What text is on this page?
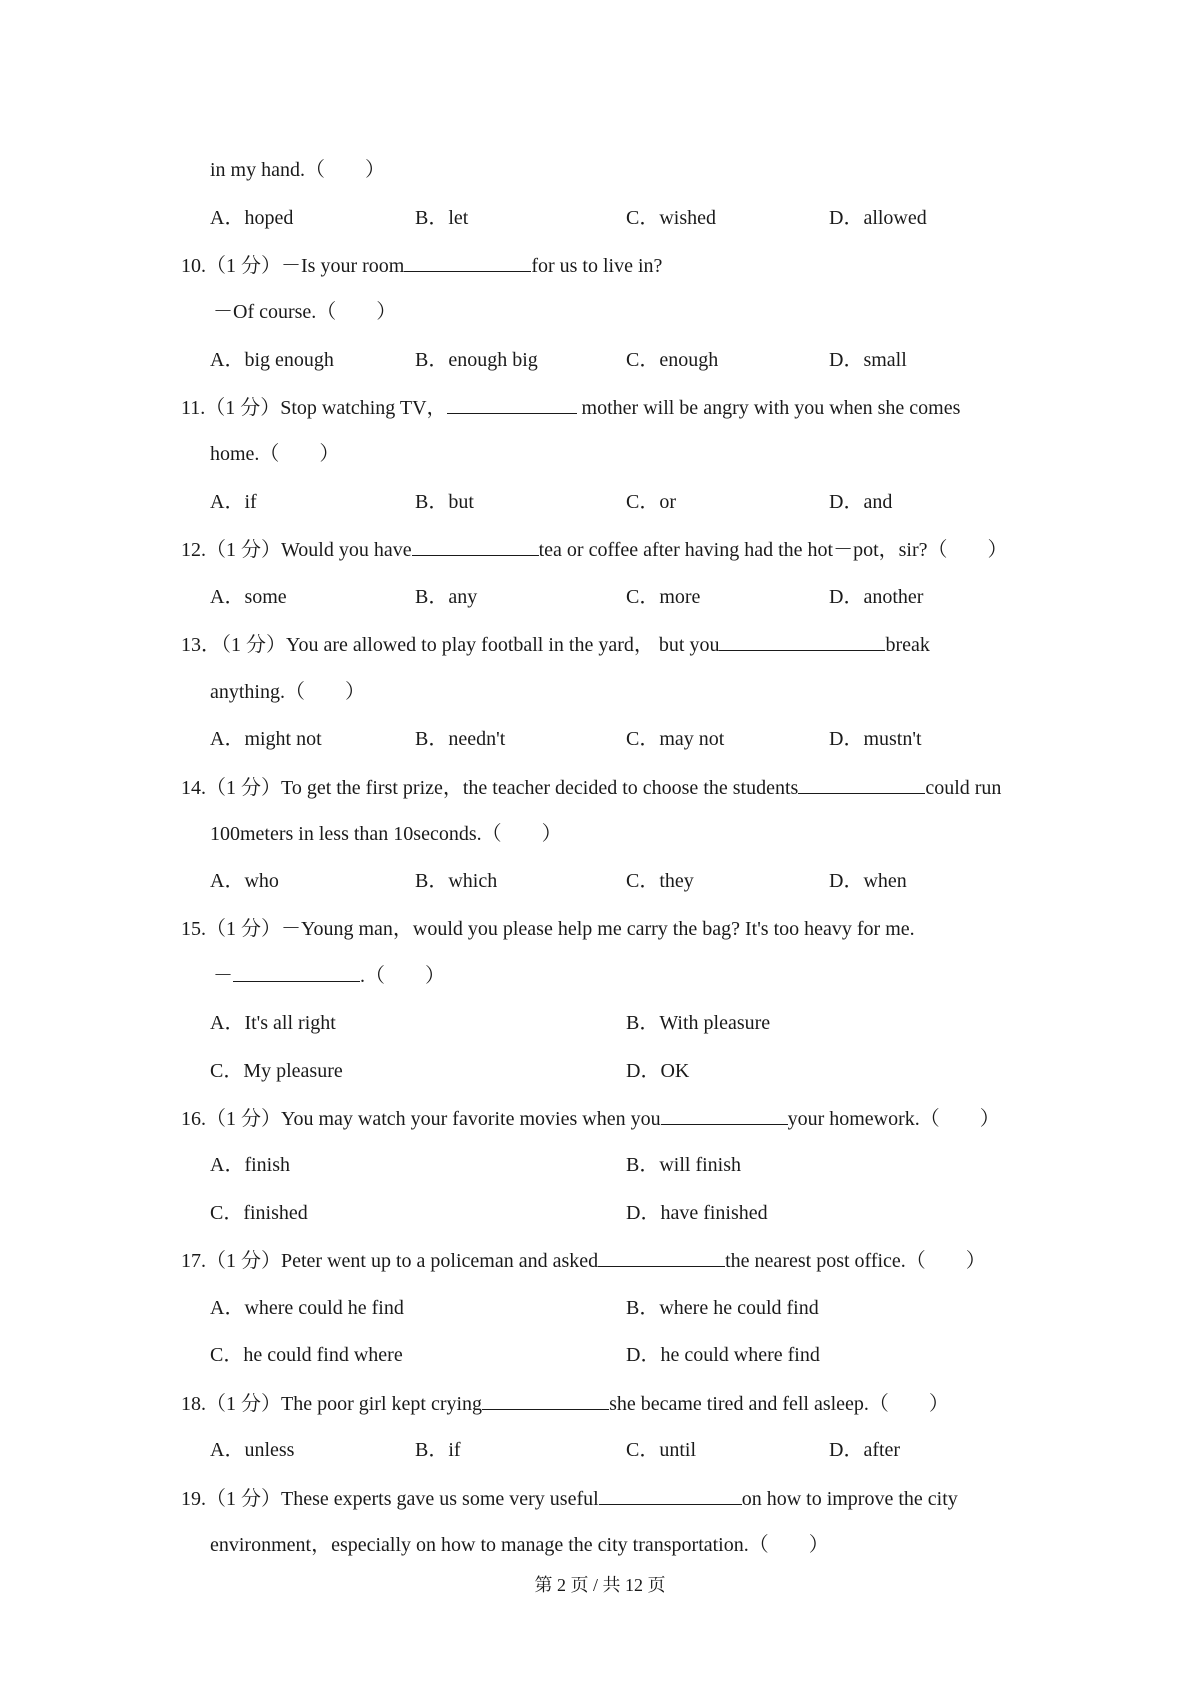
in my hand.（　　）
A．hoped	B．let	C．wished	D．allowed
10.（1 分）－Is your room	for us to live in?
－Of course.（　　）
A．big enough	B．enough big	C．enough	D．small
11.（1 分）Stop watching TV，	mother will be angry with you when she comes
home.（　　）
A．if	B．but	C．or	D．and
12.（1 分）Would you have	tea or coffee after having had the hot－pot，sir?（　　）
A．some	B．any	C．more	D．another
13．（1 分）You are allowed to play football in the yard， but you	break
anything.（　　）
A．might not	B．needn't	C．may not	D．mustn't
14.（1 分）To get the first prize，the teacher decided to choose the students	could run
100meters in less than 10seconds.（　　）
A．who	B．which	C．they	D．when
15.（1 分）－Young man，would you please help me carry the bag? It's too heavy for me.
－	.（　　）
A．It's all right	B．With pleasure
C．My pleasure	D．OK
16.（1 分）You may watch your favorite movies when you	your homework.（　　）
A．finish	B．will finish
C．finished	D．have finished
17.（1 分）Peter went up to a policeman and asked	the nearest post office.（　　）
A．where could he find	B．where he could find
C．he could find where	D．he could where find
18.（1 分）The poor girl kept crying	she became tired and fell asleep.（　　）
A．unless	B．if	C．until	D．after
19.（1 分）These experts gave us some very useful	on how to improve the city
environment，especially on how to manage the city transportation.（　　）
第 2 页 / 共 12 页
